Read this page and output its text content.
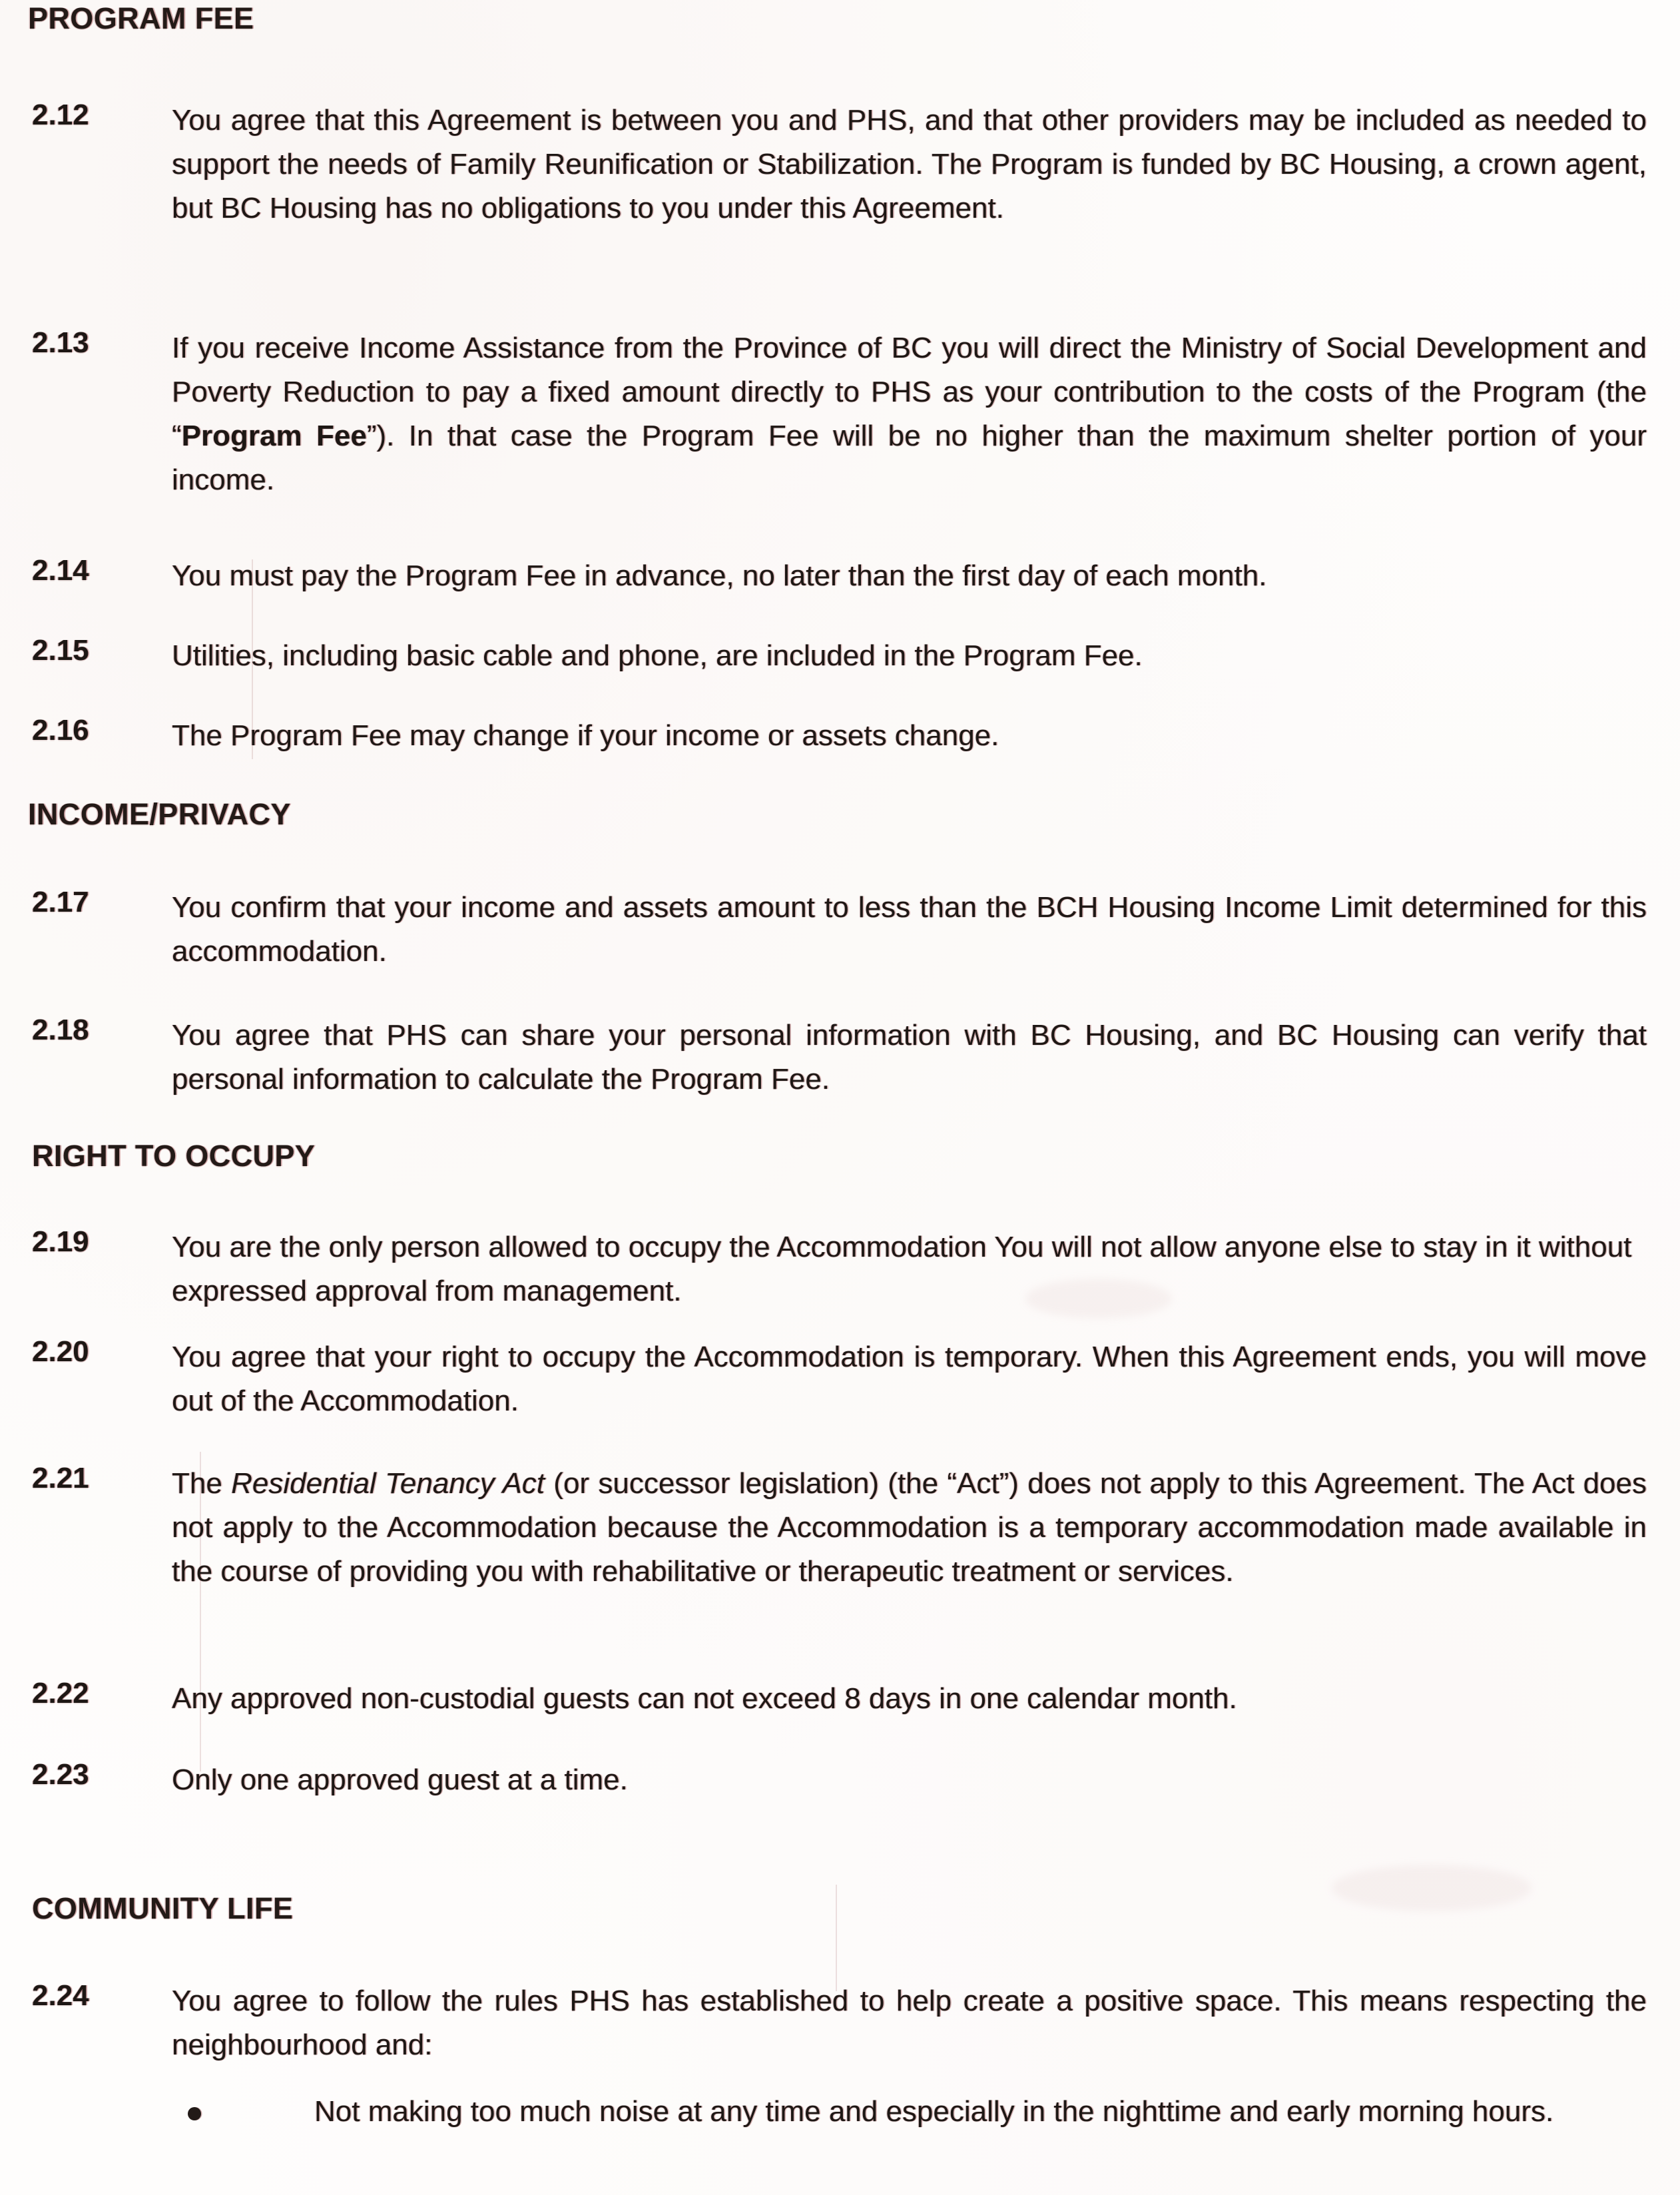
PROGRAM FEE
2.12	You agree that this Agreement is between you and PHS, and that other providers may be included as needed to support the needs of Family Reunification or Stabilization. The Program is funded by BC Housing, a crown agent, but BC Housing has no obligations to you under this Agreement.
2.13	If you receive Income Assistance from the Province of BC you will direct the Ministry of Social Development and Poverty Reduction to pay a fixed amount directly to PHS as your contribution to the costs of the Program (the “Program Fee”). In that case the Program Fee will be no higher than the maximum shelter portion of your income.
2.14	You must pay the Program Fee in advance, no later than the first day of each month.
2.15	Utilities, including basic cable and phone, are included in the Program Fee.
2.16	The Program Fee may change if your income or assets change.
INCOME/PRIVACY
2.17	You confirm that your income and assets amount to less than the BCH Housing Income Limit determined for this accommodation.
2.18	You agree that PHS can share your personal information with BC Housing, and BC Housing can verify that personal information to calculate the Program Fee.
RIGHT TO OCCUPY
2.19	You are the only person allowed to occupy the Accommodation You will not allow anyone else to stay in it without expressed approval from management.
2.20	You agree that your right to occupy the Accommodation is temporary. When this Agreement ends, you will move out of the Accommodation.
2.21	The Residential Tenancy Act (or successor legislation) (the “Act”) does not apply to this Agreement. The Act does not apply to the Accommodation because the Accommodation is a temporary accommodation made available in the course of providing you with rehabilitative or therapeutic treatment or services.
2.22	Any approved non-custodial guests can not exceed 8 days in one calendar month.
2.23	Only one approved guest at a time.
COMMUNITY LIFE
2.24	You agree to follow the rules PHS has established to help create a positive space. This means respecting the neighbourhood and:
Not making too much noise at any time and especially in the nighttime and early morning hours.
